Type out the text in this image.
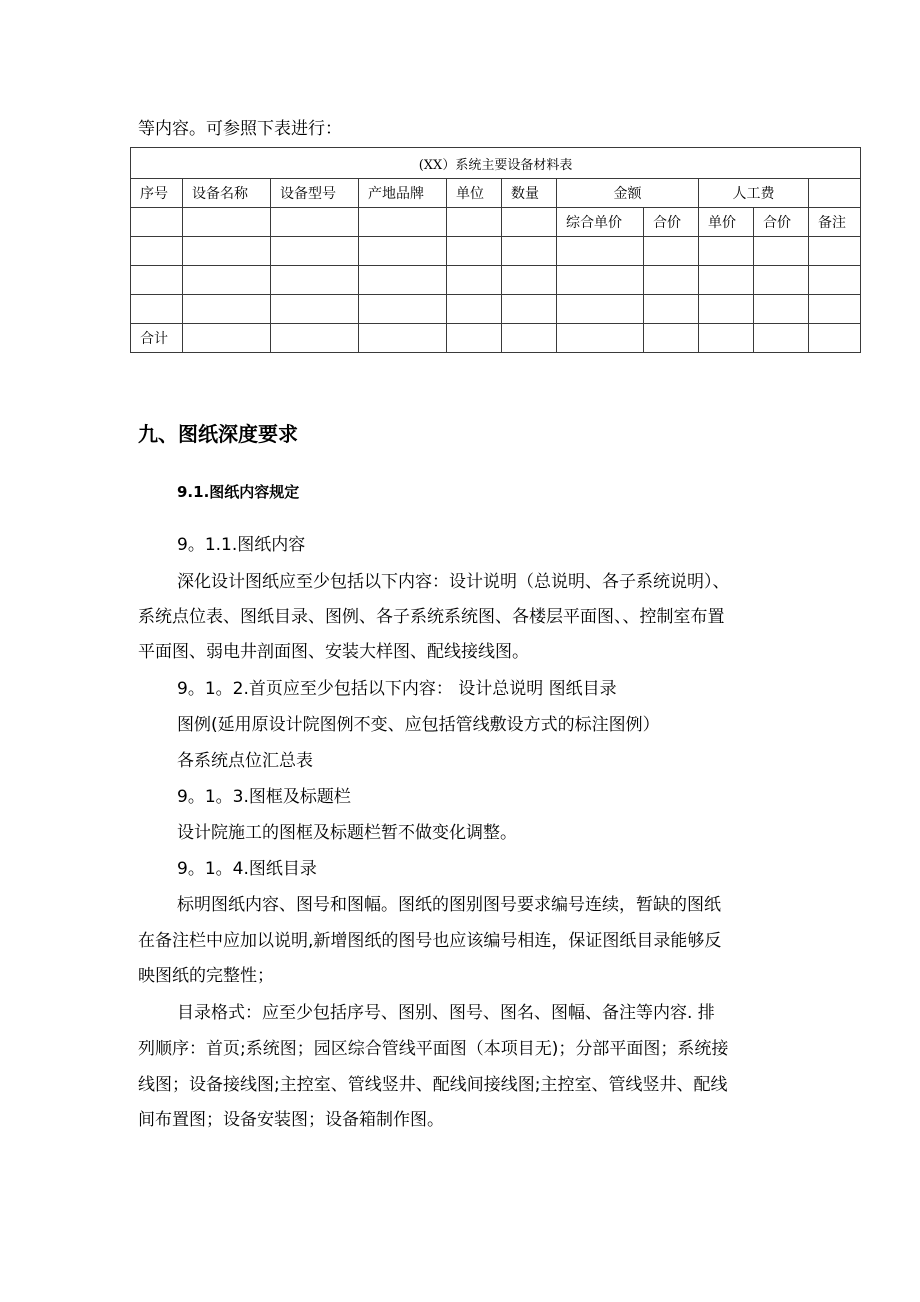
等内容。可参照下表进行：
(XX）系统主要设备材料表										
序号	设备名称	设备型号	产地品牌	单位	数量	金额		人工费		
						综合单价	合价	单价	合价	备注

合计										
九、图纸深度要求
9.1.图纸内容规定
9。1.1.图纸内容
深化设计图纸应至少包括以下内容：设计说明（总说明、各子系统说明）、
系统点位表、图纸目录、图例、各子系统系统图、各楼层平面图、、控制室布置
平面图、弱电井剖面图、安装大样图、配线接线图。
9。1。2.首页应至少包括以下内容： 设计总说明 图纸目录
图例(延用原设计院图例不变、应包括管线敷设方式的标注图例）
各系统点位汇总表
9。1。3.图框及标题栏
设计院施工的图框及标题栏暂不做变化调整。
9。1。4.图纸目录
标明图纸内容、图号和图幅。图纸的图别图号要求编号连续，暂缺的图纸
在备注栏中应加以说明,新增图纸的图号也应该编号相连，保证图纸目录能够反
映图纸的完整性；
目录格式：应至少包括序号、图别、图号、图名、图幅、备注等内容. 排
列顺序：首页;系统图；园区综合管线平面图（本项目无)；分部平面图；系统接
线图；设备接线图;主控室、管线竖井、配线间接线图;主控室、管线竖井、配线
间布置图；设备安装图；设备箱制作图。
